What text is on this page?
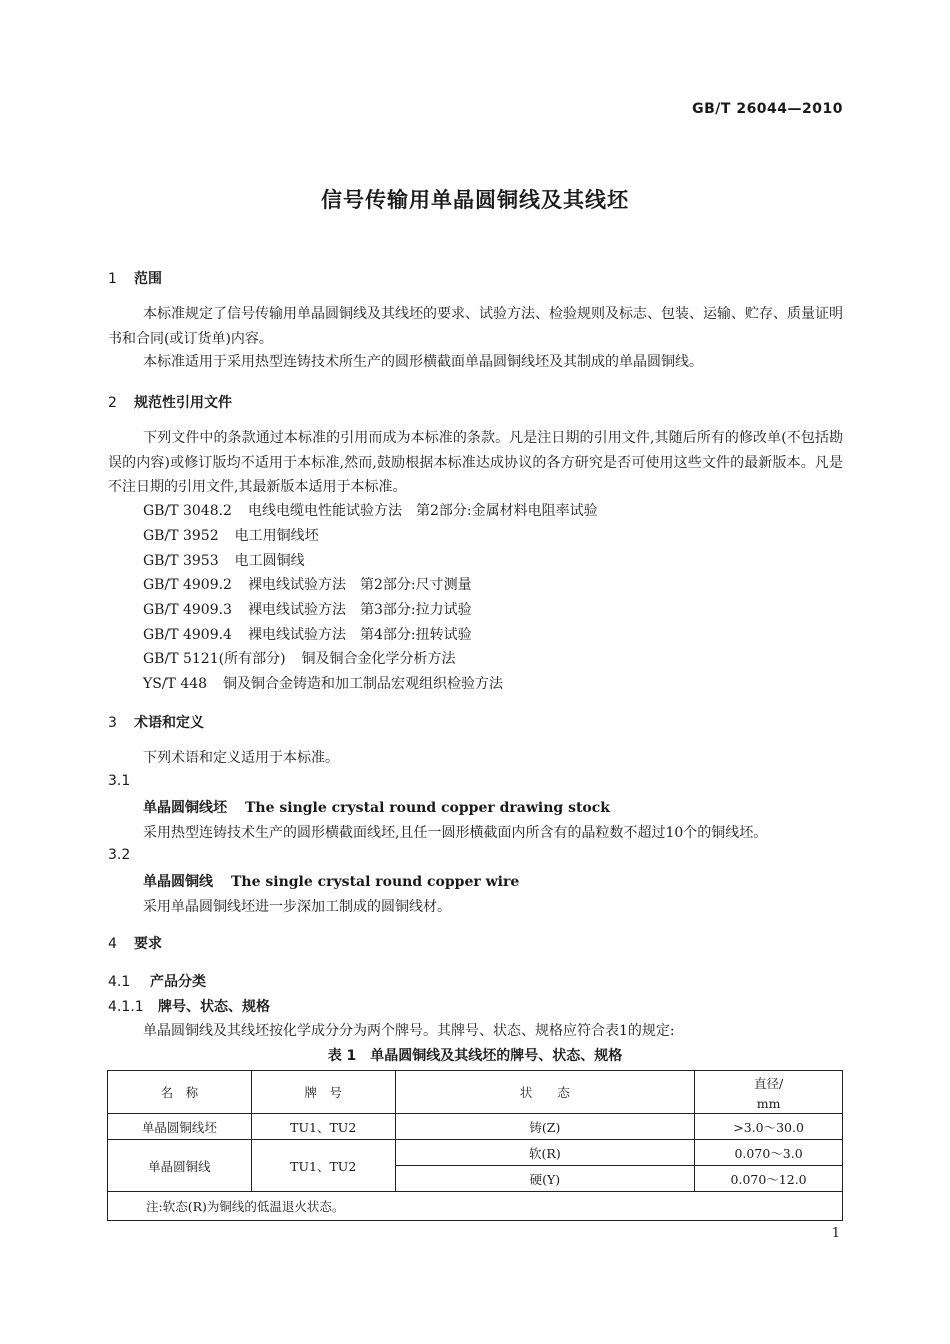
GB/T 26044—2010
信号传输用单晶圆铜线及其线坯
1 范围
本标准规定了信号传输用单晶圆铜线及其线坯的要求、试验方法、检验规则及标志、包装、运输、贮存、质量证明书和合同(或订货单)内容。
本标准适用于采用热型连铸技术所生产的圆形横截面单晶圆铜线坯及其制成的单晶圆铜线。
2 规范性引用文件
下列文件中的条款通过本标准的引用而成为本标准的条款。凡是注日期的引用文件,其随后所有的修改单(不包括勘误的内容)或修订版均不适用于本标准,然而,鼓励根据本标准达成协议的各方研究是否可使用这些文件的最新版本。凡是不注日期的引用文件,其最新版本适用于本标准。
GB/T 3048.2 电线电缆电性能试验方法　第2部分:金属材料电阻率试验
GB/T 3952 电工用铜线坯
GB/T 3953 电工圆铜线
GB/T 4909.2 裸电线试验方法　第2部分:尺寸测量
GB/T 4909.3 裸电线试验方法　第3部分:拉力试验
GB/T 4909.4 裸电线试验方法　第4部分:扭转试验
GB/T 5121(所有部分) 铜及铜合金化学分析方法
YS/T 448 铜及铜合金铸造和加工制品宏观组织检验方法
3 术语和定义
下列术语和定义适用于本标准。
3.1
单晶圆铜线坯 The single crystal round copper drawing stock
采用热型连铸技术生产的圆形横截面线坯,且任一圆形横截面内所含有的晶粒数不超过10个的铜线坯。
3.2
单晶圆铜线 The single crystal round copper wire
采用单晶圆铜线坯进一步深加工制成的圆铜线材。
4 要求
4.1 产品分类
4.1.1 牌号、状态、规格
单晶圆铜线及其线坯按化学成分分为两个牌号。其牌号、状态、规格应符合表1的规定:
表 1　单晶圆铜线及其线坯的牌号、状态、规格
名　称	牌　号	状　　态	直径/
mm

单晶圆铜线坯	TU1、TU2	铸(Z)	>3.0～30.0
单晶圆铜线	TU1、TU2	软(R)	0.070～3.0
		硬(Y)	0.070～12.0
注:软态(R)为铜线的低温退火状态。			
1
